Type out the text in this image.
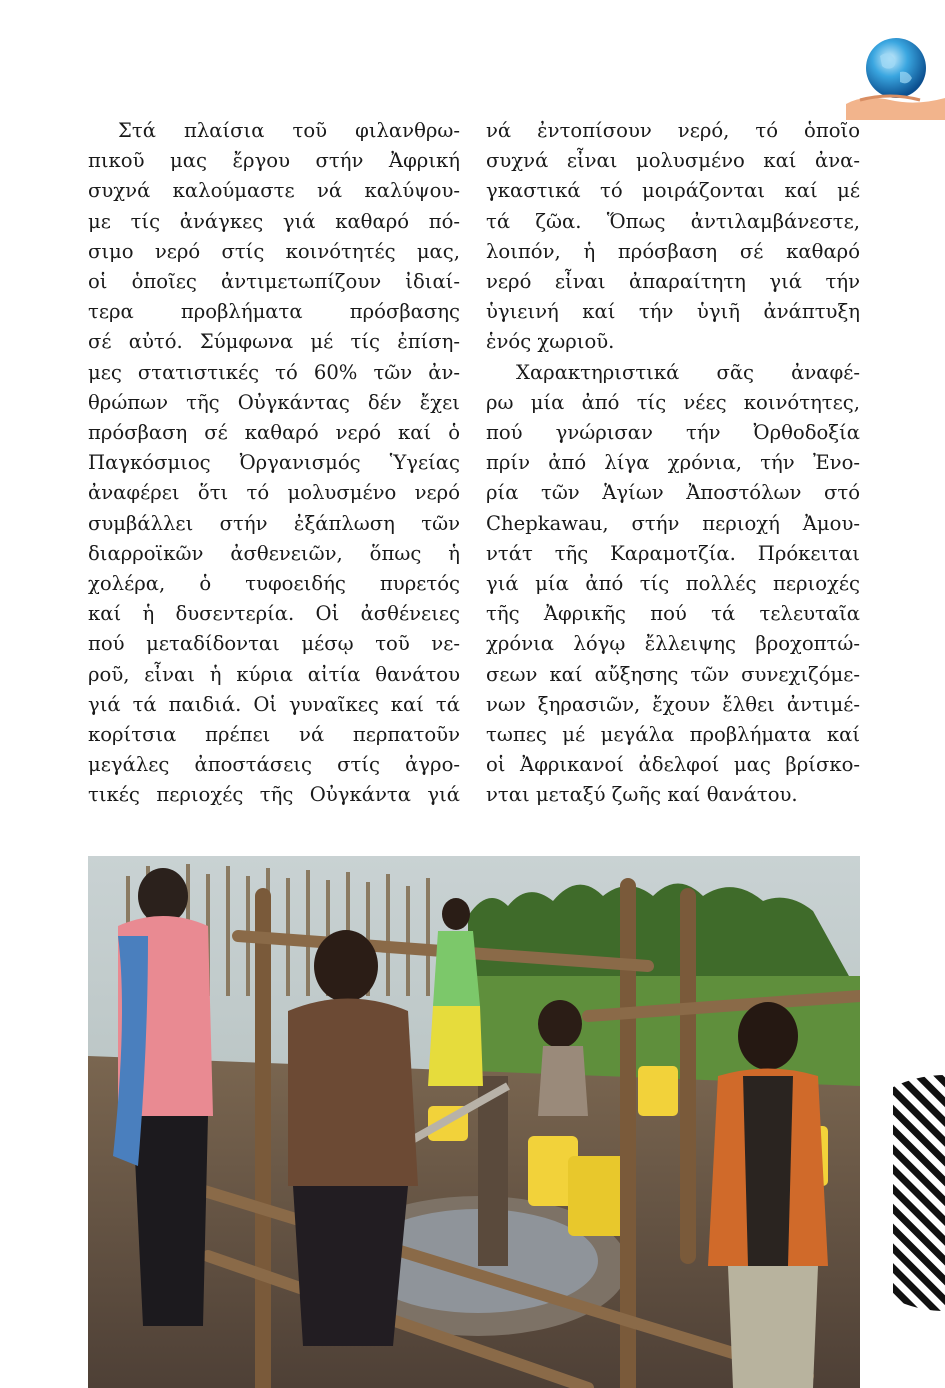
Στά πλαίσια τοῦ φιλανθρω-
πικοῦ μας ἔργου στήν Ἀφρική
συχνά καλούμαστε νά καλύψου-
με τίς ἀνάγκες γιά καθαρό πό-
σιμο νερό στίς κοινότητές μας,
οἱ ὁποῖες ἀντιμετωπίζουν ἰδιαί-
τερα προβλήματα πρόσβασης
σέ αὐτό. Σύμφωνα μέ τίς ἐπίση-
μες στατιστικές τό 60% τῶν ἀν-
θρώπων τῆς Οὐγκάντας δέν ἔχει
πρόσβαση σέ καθαρό νερό καί ὁ
Παγκόσμιος Ὀργανισμός Ὑγείας
ἀναφέρει ὅτι τό μολυσμένο νερό
συμβάλλει στήν ἐξάπλωση τῶν
διαρροϊκῶν ἀσθενειῶν, ὅπως ἡ
χολέρα, ὁ τυφοειδής πυρετός
καί ἡ δυσεντερία. Οἱ ἀσθένειες
πού μεταδίδονται μέσῳ τοῦ νε-
ροῦ, εἶναι ἡ κύρια αἰτία θανάτου
γιά τά παιδιά. Οἱ γυναῖκες καί τά
κορίτσια πρέπει νά περπατοῦν
μεγάλες ἀποστάσεις στίς ἀγρο-
τικές περιοχές τῆς Οὐγκάντα γιά

νά ἐντοπίσουν νερό, τό ὁποῖο
συχνά εἶναι μολυσμένο καί ἀνα-
γκαστικά τό μοιράζονται καί μέ
τά ζῶα. Ὅπως ἀντιλαμβάνεστε,
λοιπόν, ἡ πρόσβαση σέ καθαρό
νερό εἶναι ἀπαραίτητη γιά τήν
ὑγιεινή καί τήν ὑγιῆ ἀνάπτυξη
ἑνός χωριοῦ.

Χαρακτηριστικά σᾶς ἀναφέ-
ρω μία ἀπό τίς νέες κοινότητες,
πού γνώρισαν τήν Ὀρθοδοξία
πρίν ἀπό λίγα χρόνια, τήν Ἐνο-
ρία τῶν Ἁγίων Ἀποστόλων στό
Chepkawau, στήν περιοχή Ἀμου-
ντάτ τῆς Καραμοτζία. Πρόκειται
γιά μία ἀπό τίς πολλές περιοχές
τῆς Ἀφρικῆς πού τά τελευταῖα
χρόνια λόγῳ ἔλλειψης βροχοπτώ-
σεων καί αὔξησης τῶν συνεχιζόμε-
νων ξηρασιῶν, ἔχουν ἔλθει ἀντιμέ-
τωπες μέ μεγάλα προβλήματα καί
οἱ Ἀφρικανοί ἀδελφοί μας βρίσκο-
νται μεταξύ ζωῆς καί θανάτου.
